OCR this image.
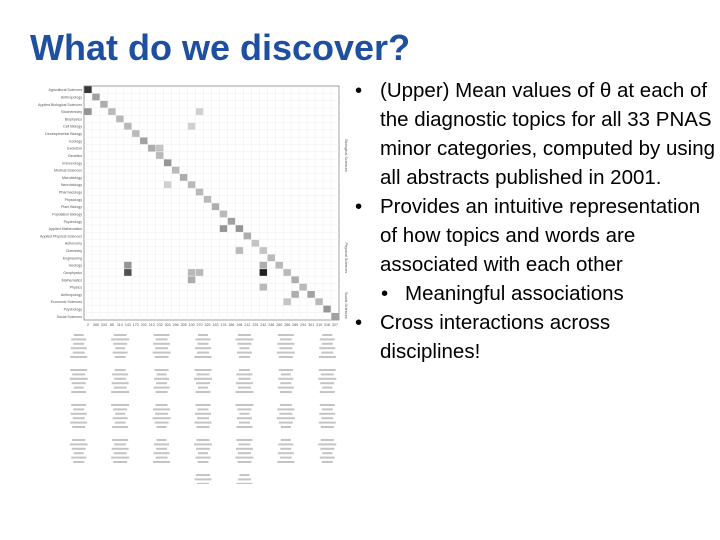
What do we discover?
Agricultural Sciences
Anthropology
Applied Biological Sciences
Biochemistry
Biophysics
Cell Biology
Developmental Biology
Ecology
Evolution
Genetics
Immunology
Medical Sciences
Microbiology
Neurobiology
Pharmacology
Physiology
Plant Biology
Population Biology
Psychology
Applied Mathematics
Applied Physical Sciences
Astronomy
Chemistry
Engineering
Geology
Geophysics
Mathematics
Physics
Anthropology
Economic Sciences
Psychology
Social Sciences
2 280 333 85 114 143 170 202 210 232 303 296 305 100 270 325 163 176 186 198 212 225 242 248 260 266 289 294 301 310 318 327
Biological Sciences
Physical Sciences
Social Sciences
• (Upper) Mean values of θ at each of the diagnostic topics for all 33 PNAS minor categories, computed by using all abstracts published in 2001.
• Provides an intuitive representation of how topics and words are associated with each other
• Meaningful associations
• Cross interactions across disciplines!
